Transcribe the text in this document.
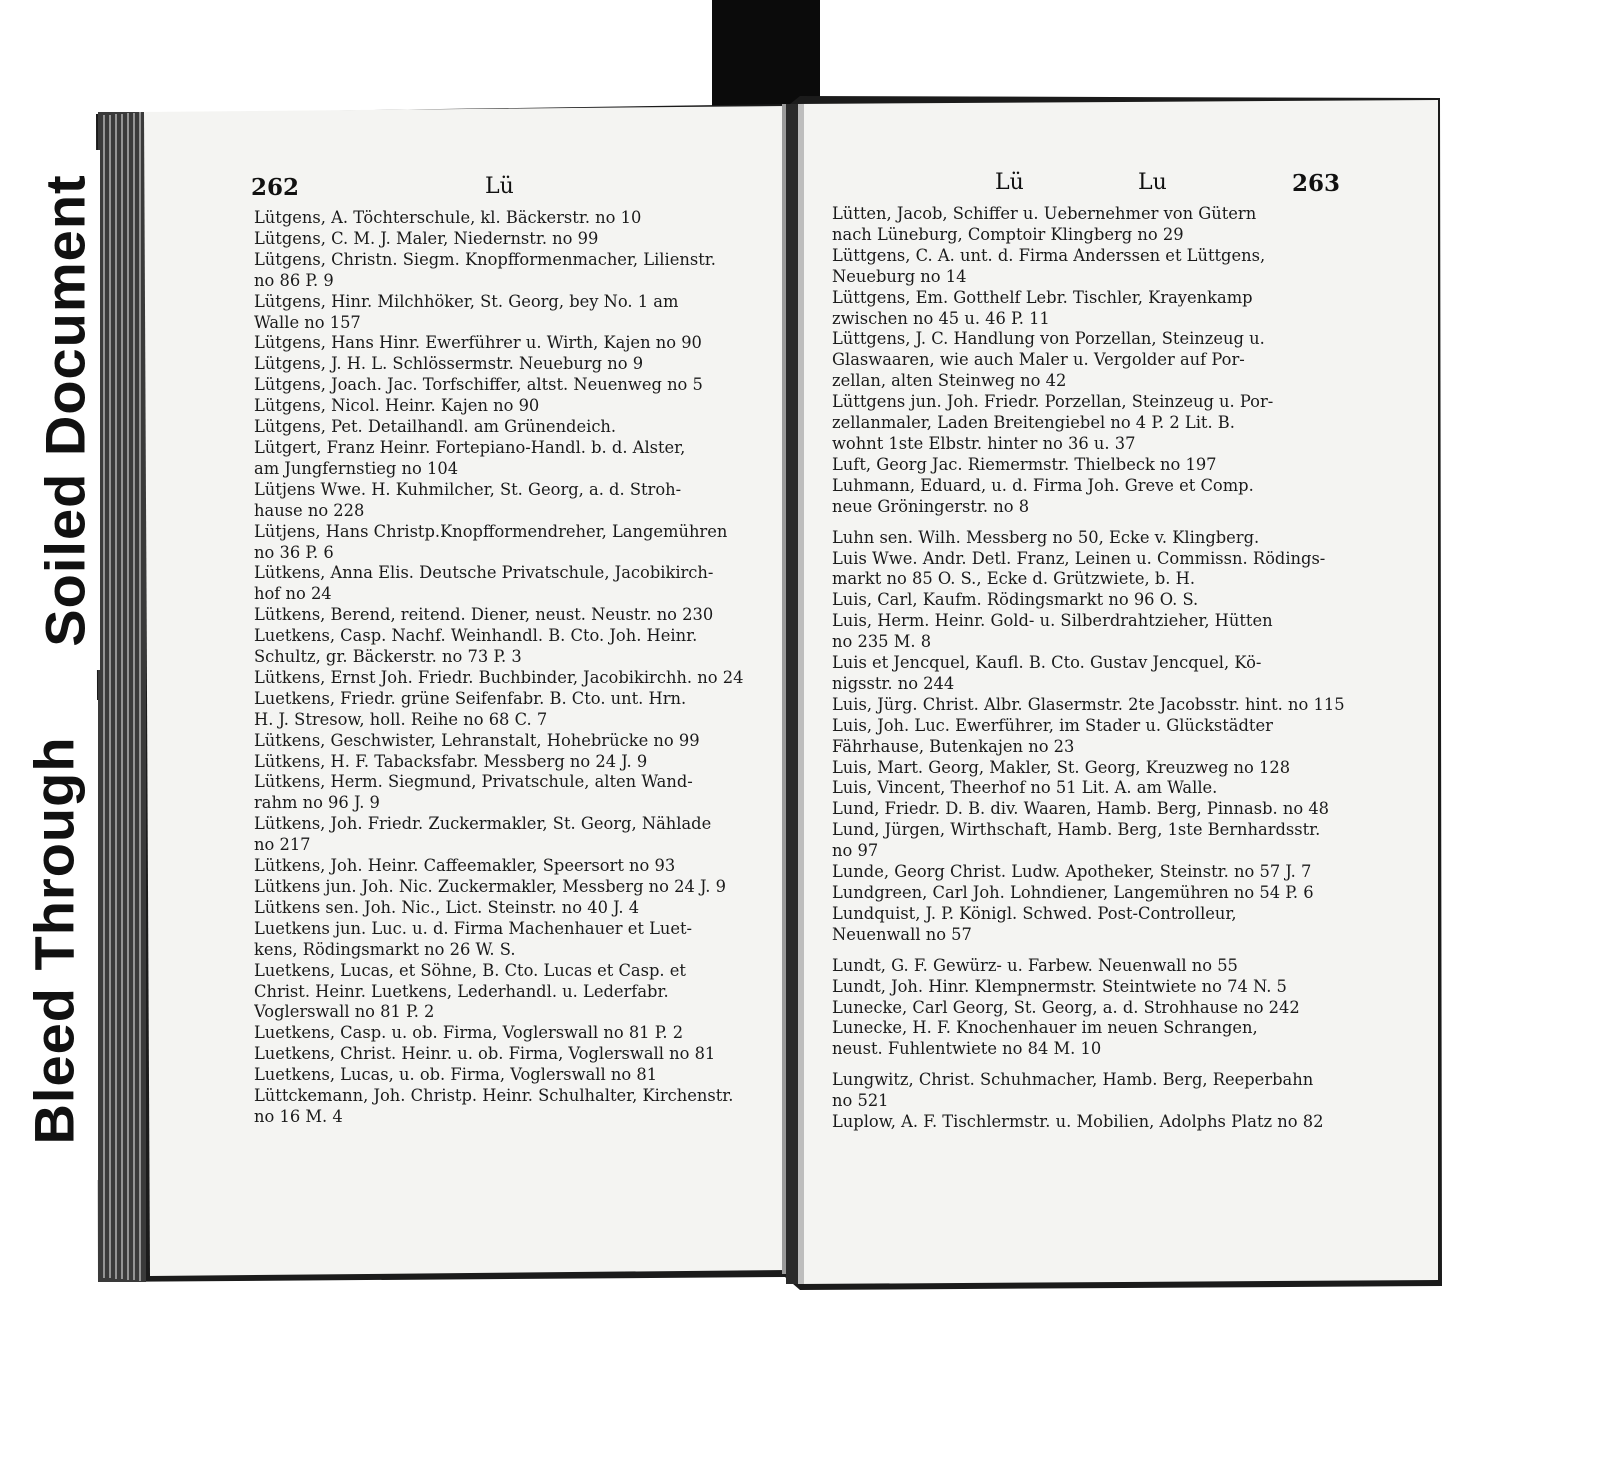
Soiled Document
Bleed Through
262	Lü
Lütgens, A. Töchterschule, kl. Bäckerstr. no 10
Lütgens, C. M. J. Maler, Niedernstr. no 99
Lütgens, Christn. Siegm. Knopfformenmacher, Lilienstr.
no 86 P. 9
Lütgens, Hinr. Milchhöker, St. Georg, bey No. 1 am
Walle no 157
Lütgens, Hans Hinr. Ewerführer u. Wirth, Kajen no 90
Lütgens, J. H. L. Schlössermstr. Neueburg no 9
Lütgens, Joach. Jac. Torfschiffer, altst. Neuenweg no 5
Lütgens, Nicol. Heinr. Kajen no 90
Lütgens, Pet. Detailhandl. am Grünendeich.
Lütgert, Franz Heinr. Fortepiano-Handl. b. d. Alster,
am Jungfernstieg no 104
Lütjens Wwe. H. Kuhmilcher, St. Georg, a. d. Stroh-
hause no 228
Lütjens, Hans Christp.Knopfformendreher, Langemühren
no 36 P. 6
Lütkens, Anna Elis. Deutsche Privatschule, Jacobikirch-
hof no 24
Lütkens, Berend, reitend. Diener, neust. Neustr. no 230
Luetkens, Casp. Nachf. Weinhandl. B. Cto. Joh. Heinr.
Schultz, gr. Bäckerstr. no 73 P. 3
Lütkens, Ernst Joh. Friedr. Buchbinder, Jacobikirchh. no 24
Luetkens, Friedr. grüne Seifenfabr. B. Cto. unt. Hrn.
H. J. Stresow, holl. Reihe no 68 C. 7
Lütkens, Geschwister, Lehranstalt, Hohebrücke no 99
Lütkens, H. F. Tabacksfabr. Messberg no 24 J. 9
Lütkens, Herm. Siegmund, Privatschule, alten Wand-
rahm no 96 J. 9
Lütkens, Joh. Friedr. Zuckermakler, St. Georg, Nählade
no 217
Lütkens, Joh. Heinr. Caffeemakler, Speersort no 93
Lütkens jun. Joh. Nic. Zuckermakler, Messberg no 24 J. 9
Lütkens sen. Joh. Nic., Lict. Steinstr. no 40 J. 4
Luetkens jun. Luc. u. d. Firma Machenhauer et Luet-
kens, Rödingsmarkt no 26 W. S.
Luetkens, Lucas, et Söhne, B. Cto. Lucas et Casp. et
Christ. Heinr. Luetkens, Lederhandl. u. Lederfabr.
Voglerswall no 81 P. 2
Luetkens, Casp. u. ob. Firma, Voglerswall no 81 P. 2
Luetkens, Christ. Heinr. u. ob. Firma, Voglerswall no 81
Luetkens, Lucas, u. ob. Firma, Voglerswall no 81
Lüttckemann, Joh. Christp. Heinr. Schulhalter, Kirchenstr.
no 16 M. 4
Lü	Lu	263
Lütten, Jacob, Schiffer u. Uebernehmer von Gütern
nach Lüneburg, Comptoir Klingberg no 29
Lüttgens, C. A. unt. d. Firma Anderssen et Lüttgens,
Neueburg no 14
Lüttgens, Em. Gotthelf Lebr. Tischler, Krayenkamp
zwischen no 45 u. 46 P. 11
Lüttgens, J. C. Handlung von Porzellan, Steinzeug u.
Glaswaaren, wie auch Maler u. Vergolder auf Por-
zellan, alten Steinweg no 42
Lüttgens jun. Joh. Friedr. Porzellan, Steinzeug u. Por-
zellanmaler, Laden Breitengiebel no 4 P. 2 Lit. B.
wohnt 1ste Elbstr. hinter no 36 u. 37
Luft, Georg Jac. Riemermstr. Thielbeck no 197
Luhmann, Eduard, u. d. Firma Joh. Greve et Comp.
neue Gröningerstr. no 8
Luhn sen. Wilh. Messberg no 50, Ecke v. Klingberg.
Luis Wwe. Andr. Detl. Franz, Leinen u. Commissn. Rödings-
markt no 85 O. S., Ecke d. Grützwiete, b. H.
Luis, Carl, Kaufm. Rödingsmarkt no 96 O. S.
Luis, Herm. Heinr. Gold- u. Silberdrahtzieher, Hütten
no 235 M. 8
Luis et Jencquel, Kaufl. B. Cto. Gustav Jencquel, Kö-
nigsstr. no 244
Luis, Jürg. Christ. Albr. Glasermstr. 2te Jacobsstr. hint. no 115
Luis, Joh. Luc. Ewerführer, im Stader u. Glückstädter
Fährhause, Butenkajen no 23
Luis, Mart. Georg, Makler, St. Georg, Kreuzweg no 128
Luis, Vincent, Theerhof no 51 Lit. A. am Walle.
Lund, Friedr. D. B. div. Waaren, Hamb. Berg, Pinnasb. no 48
Lund, Jürgen, Wirthschaft, Hamb. Berg, 1ste Bernhardsstr.
no 97
Lunde, Georg Christ. Ludw. Apotheker, Steinstr. no 57 J. 7
Lundgreen, Carl Joh. Lohndiener, Langemühren no 54 P. 6
Lundquist, J. P. Königl. Schwed. Post-Controlleur,
Neuenwall no 57
Lundt, G. F. Gewürz- u. Farbew. Neuenwall no 55
Lundt, Joh. Hinr. Klempnermstr. Steintwiete no 74 N. 5
Lunecke, Carl Georg, St. Georg, a. d. Strohhause no 242
Lunecke, H. F. Knochenhauer im neuen Schrangen,
neust. Fuhlentwiete no 84 M. 10
Lungwitz, Christ. Schuhmacher, Hamb. Berg, Reeperbahn
no 521
Luplow, A. F. Tischlermstr. u. Mobilien, Adolphs Platz no 82
